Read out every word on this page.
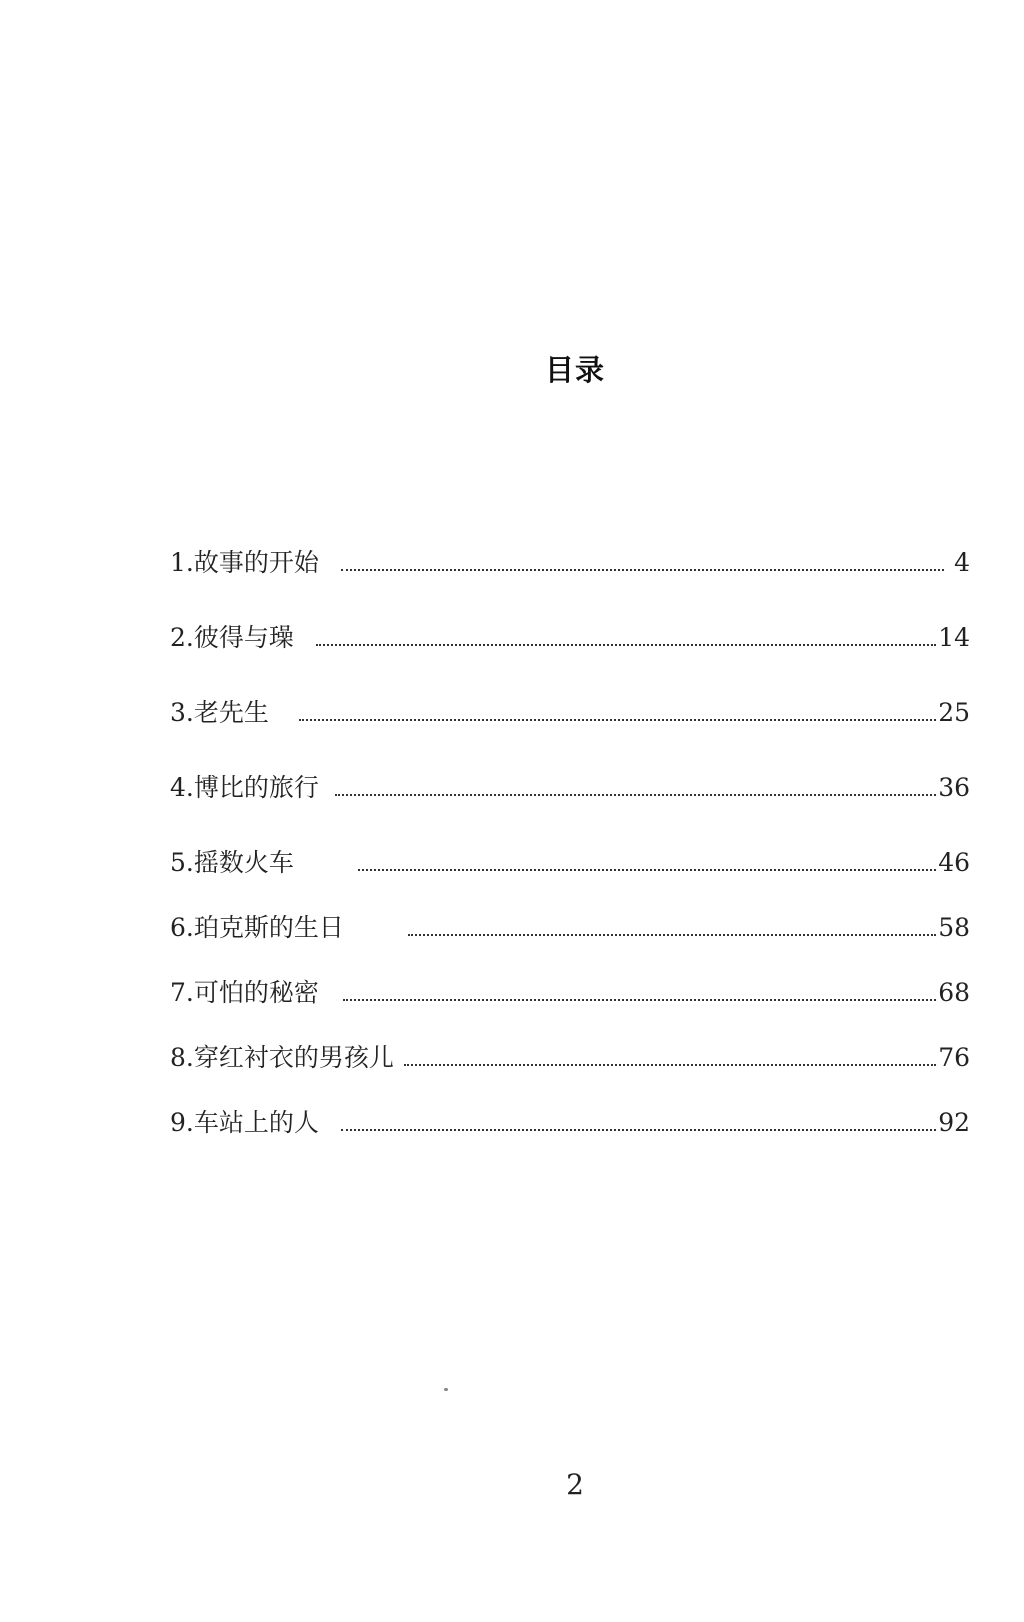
目录
1. 故事的开始	4
2. 彼得与璪	14
3. 老先生	25
4. 博比的旅行	36
5. 摇数火车	46
6. 珀克斯的生日	58
7. 可怕的秘密	68
8. 穿红衬衣的男孩儿	76
9. 车站上的人	92
2
